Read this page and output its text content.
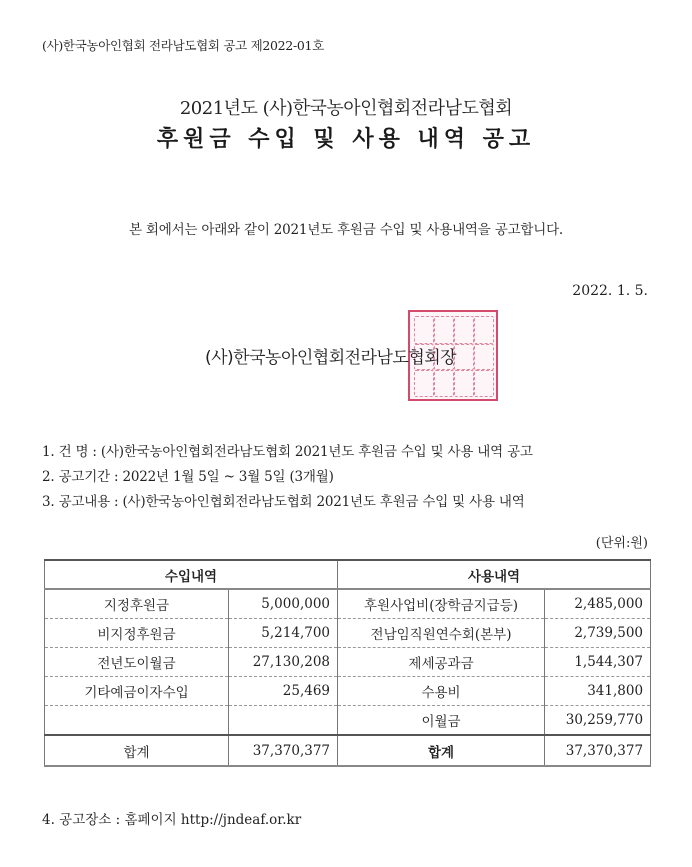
(사)한국농아인협회 전라남도협회 공고 제2022-01호
2021년도 (사)한국농아인협회전라남도협회
후원금 수입 및 사용 내역 공고
본 회에서는 아래와 같이 2021년도 후원금 수입 및 사용내역을 공고합니다.
2022. 1. 5.
(사)한국농아인협회전라남도협회장
1. 건 명 : (사)한국농아인협회전라남도협회 2021년도 후원금 수입 및 사용 내역 공고
2. 공고기간 : 2022년 1월 5일 ~ 3월 5일 (3개월)
3. 공고내용 : (사)한국농아인협회전라남도협회 2021년도 후원금 수입 및 사용 내역
(단위:원)
수입내역		사용내역	
지정후원금	5,000,000	후원사업비(장학금지급등)	2,485,000
비지정후원금	5,214,700	전남임직원연수회(본부)	2,739,500
전년도이월금	27,130,208	제세공과금	1,544,307
기타예금이자수입	25,469	수용비	341,800
		이월금	30,259,770
합계	37,370,377	합계	37,370,377
4. 공고장소 : 홈페이지 http://jndeaf.or.kr
